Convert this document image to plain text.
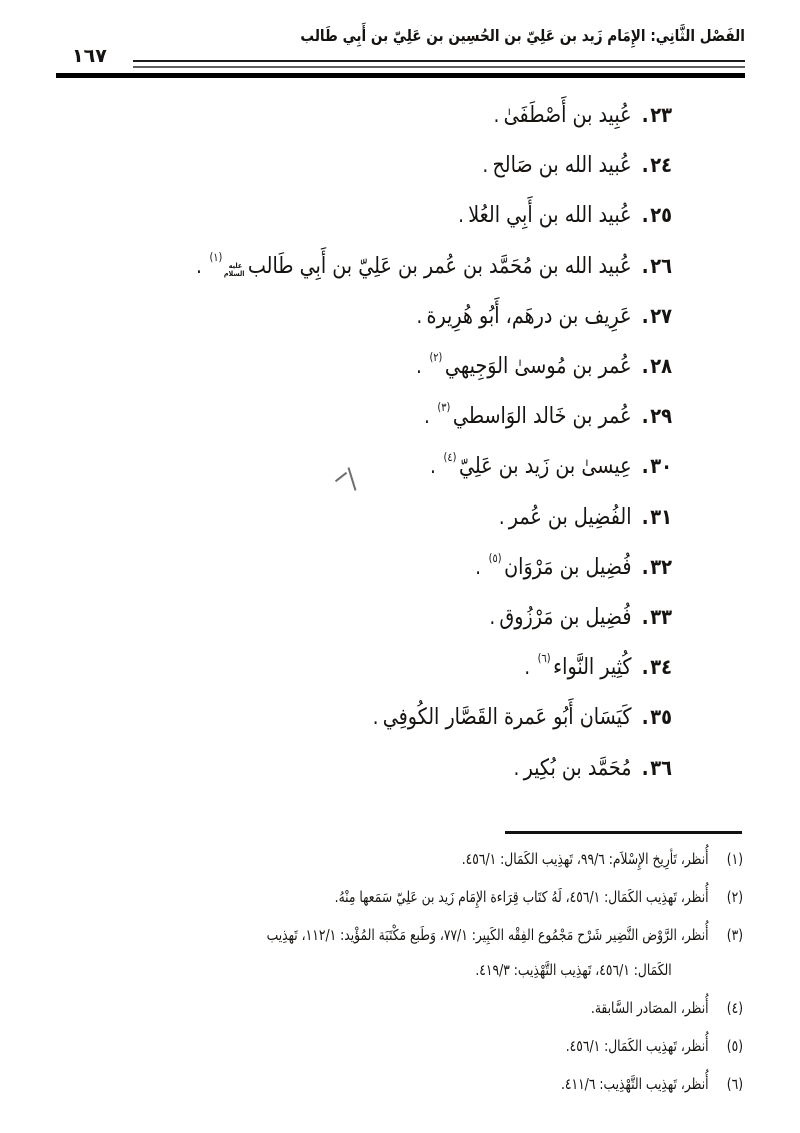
الفَصْل الثَّانِي: الإِمَام زَيد بن عَلِيّ بن الحُسِين بن عَلِيّ بن أَبِي طَالب
١٦٧
٢٣
.
عُبِيد بن أَصْطَفَىٰ
.
٢٤
.
عُبيد الله بن صَالح
.
٢٥
.
عُبيد الله بن أَبِي العُلا
.
٢٦
.
عُبيد الله بن مُحَمَّد بن عُمر بن عَلِيّ بن أَبِي طَالب
عليه السلام
$^{(١)}$
.
٢٧
.
عَرِيف بن درهَم، أَبُو هُرِيرة
.
٢٨
.
عُمر بن مُوسىٰ الوَجِيهي
$^{(٢)}$
.
٢٩
.
عُمر بن خَالد الوَاسطي
$^{(٣)}$
.
٣٠
.
عِيسىٰ بن زَيد بن عَلِيّ
$^{(٤)}$
.
٣١
.
الفُضِيل بن عُمر
.
٣٢
.
فُضِيل بن مَرْوَان
$^{(٥)}$
.
٣٣
.
فُضِيل بن مَرْزُوق
.
٣٤
.
كُثِير النَّواء
$^{(٦)}$
.
٣٥
.
كَيَسَان أَبُو عَمرة القَصَّار الكُوفِي
.
٣٦
.
مُحَمَّد بن بُكِير
.
(١)
أُنظر، تَأرِيخ الإِسْلاَم: ٩٩/٦، تَهذِيب الكَمَال: ٤٥٦/١.
(٢)
أُنظر، تَهذِيب الكَمَال: ٤٥٦/١، لَهُ كتَاب قِرَاءة الإِمَام زَيد بن عَلِيّ سَمَعها مِنْهُ.
(٣)
أُنظر، الرَّوْض النَّضِير شَرْح مَجْمُوع الفِقْه الكَبِير: ٧٧/١، وَطَبع مَكْتَبَة المُؤْيد: ١١٢/١، تَهذِيب
الكَمَال: ٤٥٦/١، تَهذِيب التَّهْذِيب: ٤١٩/٣.
(٤)
أُنظر، المصَادر السَّابقة.
(٥)
أُنظر، تَهذِيب الكَمَال: ٤٥٦/١.
(٦)
أُنظر، تَهذِيب التَّهْذِيب: ٤١١/٦.
